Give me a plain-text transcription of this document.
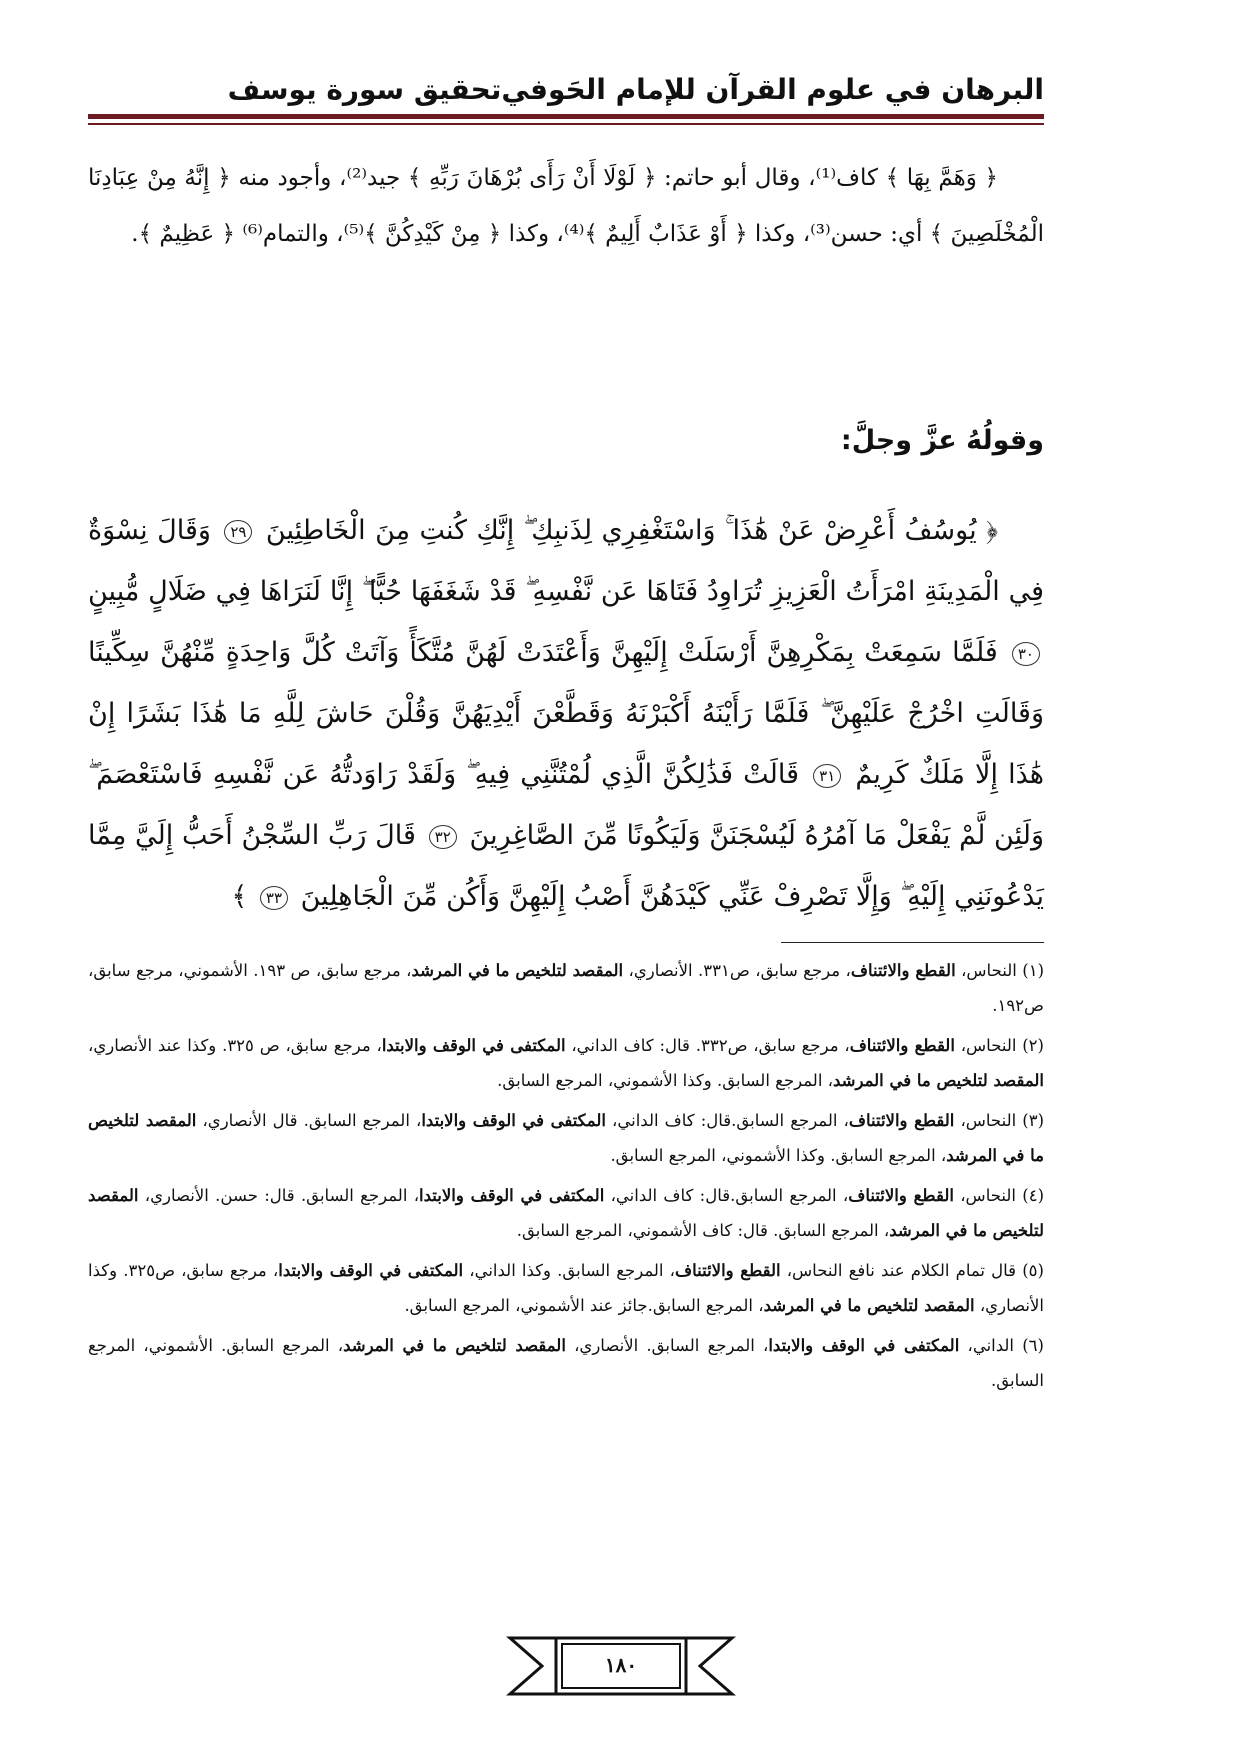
البرهان في علوم القرآن للإمام الحَوفي
تحقيق سورة يوسف

﴿ وَهَمَّ بِهَا ﴾ كاف⁽¹⁾، وقال أبو حاتم: ﴿ لَوْلَا أَنْ رَأَى بُرْهَانَ رَبِّهِ ﴾ جيد⁽²⁾، وأجود منه ﴿ إِنَّهُ مِنْ عِبَادِنَا الْمُخْلَصِينَ ﴾ أي: حسن⁽³⁾، وكذا ﴿ أَوْ عَذَابٌ أَلِيمٌ ﴾⁽⁴⁾، وكذا ﴿ مِنْ كَيْدِكُنَّ ﴾⁽⁵⁾، والتمام⁽⁶⁾ ﴿ عَظِيمٌ ﴾.

وقولُهُ عزَّ وجلَّ:
﴿ يُوسُفُ أَعْرِضْ عَنْ هَٰذَا ۚ وَاسْتَغْفِرِي لِذَنبِكِ ۖ إِنَّكِ كُنتِ مِنَ الْخَاطِئِينَ ٢٩ وَقَالَ نِسْوَةٌ فِي الْمَدِينَةِ امْرَأَتُ الْعَزِيزِ تُرَاوِدُ فَتَاهَا عَن نَّفْسِهِ ۖ قَدْ شَغَفَهَا حُبًّا ۖ إِنَّا لَنَرَاهَا فِي ضَلَالٍ مُّبِينٍ ٣٠ فَلَمَّا سَمِعَتْ بِمَكْرِهِنَّ أَرْسَلَتْ إِلَيْهِنَّ وَأَعْتَدَتْ لَهُنَّ مُتَّكَأً وَآتَتْ كُلَّ وَاحِدَةٍ مِّنْهُنَّ سِكِّينًا وَقَالَتِ اخْرُجْ عَلَيْهِنَّ ۖ فَلَمَّا رَأَيْنَهُ أَكْبَرْنَهُ وَقَطَّعْنَ أَيْدِيَهُنَّ وَقُلْنَ حَاشَ لِلَّهِ مَا هَٰذَا بَشَرًا إِنْ هَٰذَا إِلَّا مَلَكٌ كَرِيمٌ ٣١ قَالَتْ فَذَٰلِكُنَّ الَّذِي لُمْتُنَّنِي فِيهِ ۖ وَلَقَدْ رَاوَدتُّهُ عَن نَّفْسِهِ فَاسْتَعْصَمَ ۖ وَلَئِن لَّمْ يَفْعَلْ مَا آمُرُهُ لَيُسْجَنَنَّ وَلَيَكُونًا مِّنَ الصَّاغِرِينَ ٣٢ قَالَ رَبِّ السِّجْنُ أَحَبُّ إِلَيَّ مِمَّا يَدْعُونَنِي إِلَيْهِ ۖ وَإِلَّا تَصْرِفْ عَنِّي كَيْدَهُنَّ أَصْبُ إِلَيْهِنَّ وَأَكُن مِّنَ الْجَاهِلِينَ ٣٣ ﴾

(١) النحاس، القطع والائتناف، مرجع سابق، ص٣٣١. الأنصاري، المقصد لتلخيص ما في المرشد، مرجع سابق، ص ١٩٣. الأشموني، مرجع سابق، ص١٩٢.

(٢) النحاس، القطع والائتناف، مرجع سابق، ص٣٣٢. قال: كاف الداني، المكتفى في الوقف والابتدا، مرجع سابق، ص ٣٢٥. وكذا عند الأنصاري، المقصد لتلخيص ما في المرشد، المرجع السابق. وكذا الأشموني، المرجع السابق.

(٣) النحاس، القطع والائتناف، المرجع السابق.قال: كاف الداني، المكتفى في الوقف والابتدا، المرجع السابق. قال الأنصاري، المقصد لتلخيص ما في المرشد، المرجع السابق. وكذا الأشموني، المرجع السابق.

(٤) النحاس، القطع والائتناف، المرجع السابق.قال: كاف الداني، المكتفى في الوقف والابتدا، المرجع السابق. قال: حسن. الأنصاري، المقصد لتلخيص ما في المرشد، المرجع السابق. قال: كاف الأشموني، المرجع السابق.

(٥) قال تمام الكلام عند نافع النحاس، القطع والائتناف، المرجع السابق. وكذا الداني، المكتفى في الوقف والابتدا، مرجع سابق، ص٣٢٥. وكذا الأنصاري، المقصد لتلخيص ما في المرشد، المرجع السابق.جائز عند الأشموني، المرجع السابق.

(٦) الداني، المكتفى في الوقف والابتدا، المرجع السابق. الأنصاري، المقصد لتلخيص ما في المرشد، المرجع السابق. الأشموني، المرجع السابق.

١٨٠
